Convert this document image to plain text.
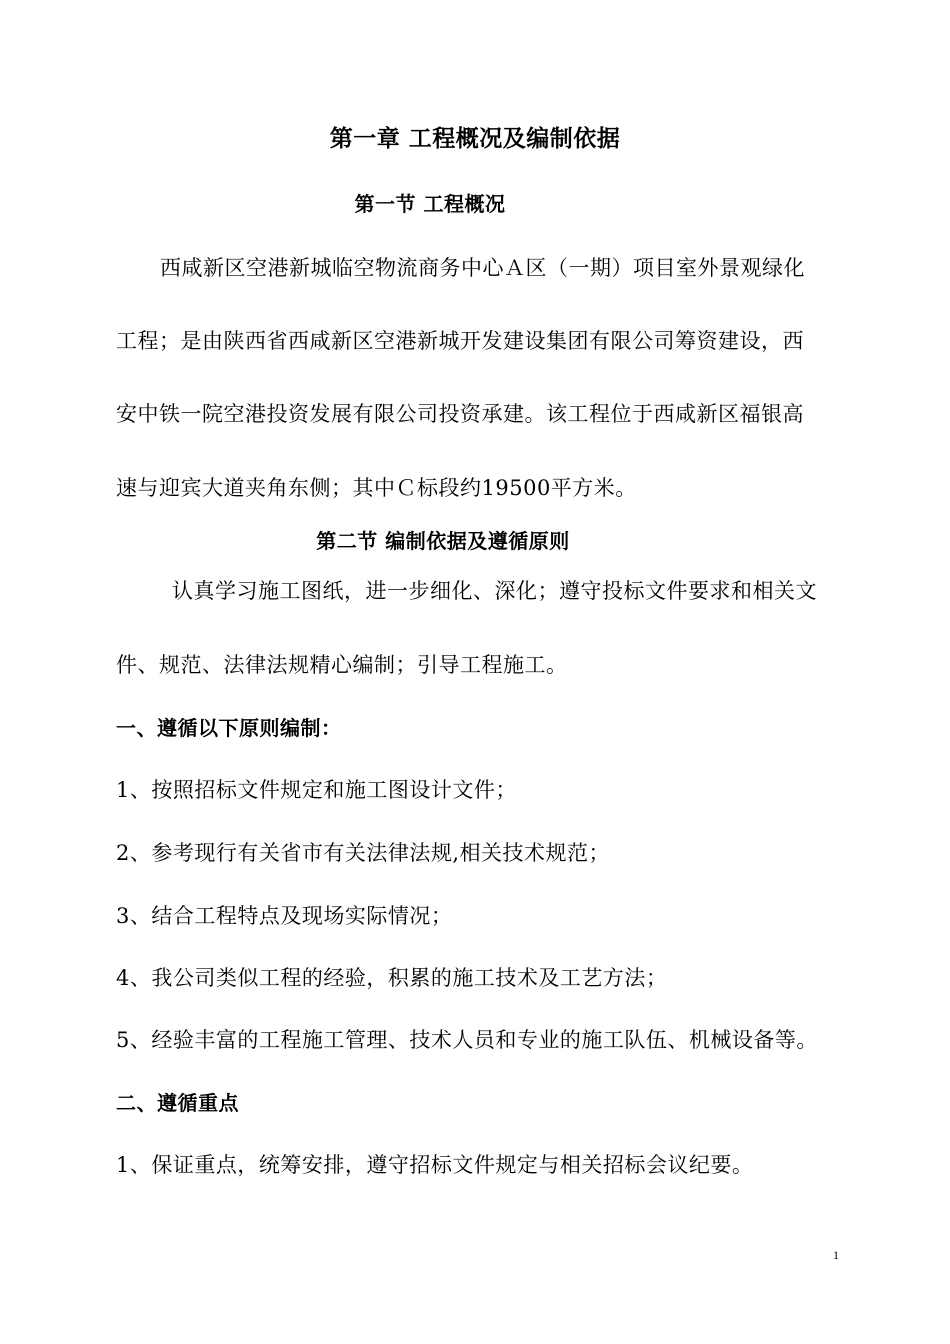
第一章 工程概况及编制依据
第一节 工程概况
西咸新区空港新城临空物流商务中心Ａ区（一期）项目室外景观绿化
工程；是由陕西省西咸新区空港新城开发建设集团有限公司筹资建设，西
安中铁一院空港投资发展有限公司投资承建。该工程位于西咸新区福银高
速与迎宾大道夹角东侧；其中Ｃ标段约19500平方米。
第二节 编制依据及遵循原则
认真学习施工图纸，进一步细化、深化；遵守投标文件要求和相关文
件、规范、法律法规精心编制；引导工程施工。
一、遵循以下原则编制：
1、按照招标文件规定和施工图设计文件；
2、参考现行有关省市有关法律法规,相关技术规范；
3、结合工程特点及现场实际情况；
4、我公司类似工程的经验，积累的施工技术及工艺方法；
5、经验丰富的工程施工管理、技术人员和专业的施工队伍、机械设备等。
二、遵循重点
1、保证重点，统筹安排，遵守招标文件规定与相关招标会议纪要。
1
